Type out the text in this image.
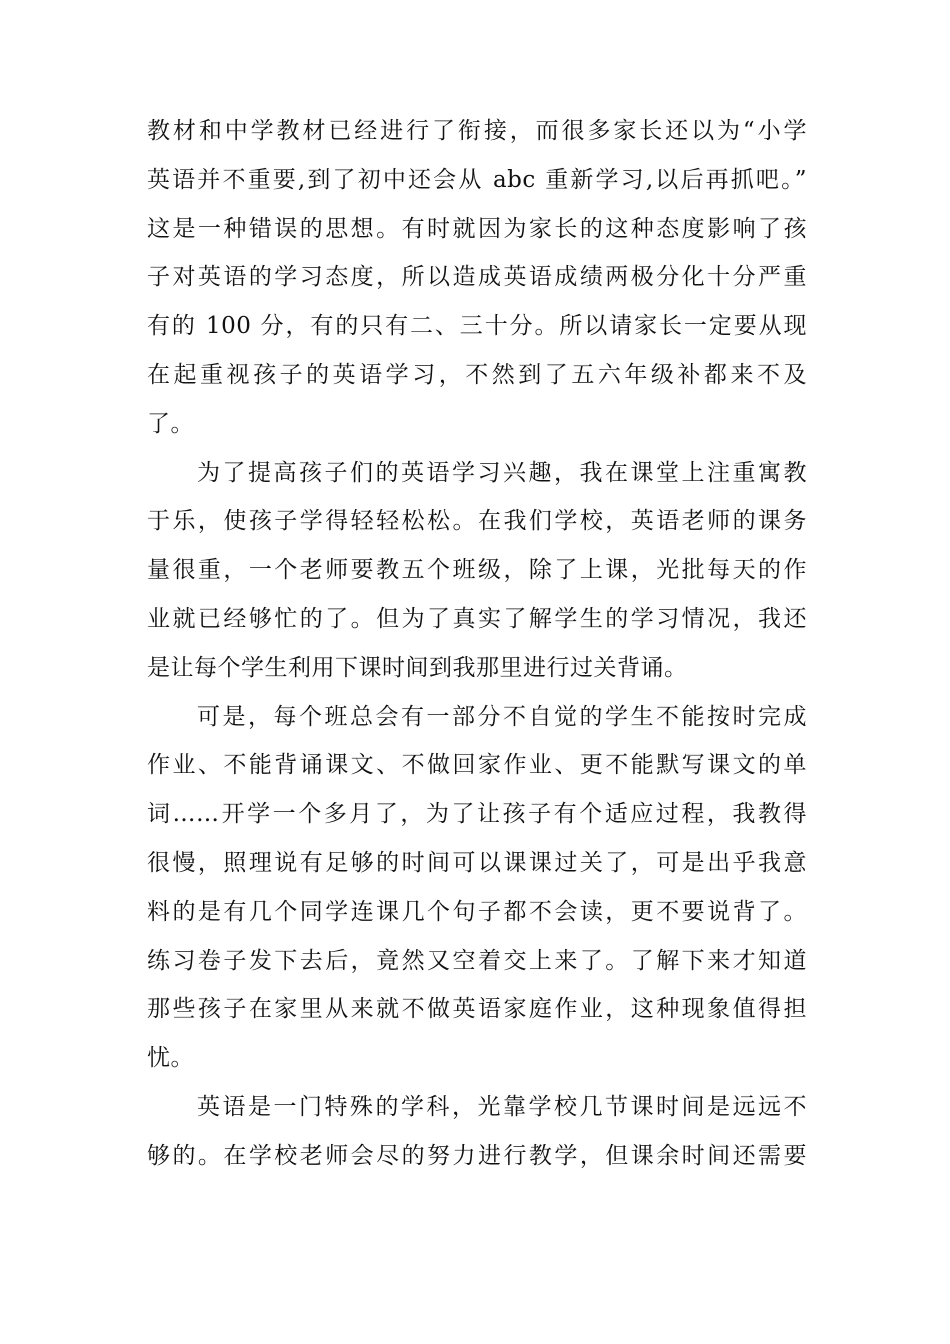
教材和中学教材已经进行了衔接，而很多家长还以为“小学
英语并不重要,到了初中还会从 abc 重新学习,以后再抓吧。”
这是一种错误的思想。有时就因为家长的这种态度影响了孩
子对英语的学习态度，所以造成英语成绩两极分化十分严重
有的 100 分，有的只有二、三十分。所以请家长一定要从现
在起重视孩子的英语学习，不然到了五六年级补都来不及
了。
为了提高孩子们的英语学习兴趣，我在课堂上注重寓教
于乐，使孩子学得轻轻松松。在我们学校，英语老师的课务
量很重，一个老师要教五个班级，除了上课，光批每天的作
业就已经够忙的了。但为了真实了解学生的学习情况，我还
是让每个学生利用下课时间到我那里进行过关背诵。
可是，每个班总会有一部分不自觉的学生不能按时完成
作业、不能背诵课文、不做回家作业、更不能默写课文的单
词……开学一个多月了，为了让孩子有个适应过程，我教得
很慢，照理说有足够的时间可以课课过关了，可是出乎我意
料的是有几个同学连课几个句子都不会读，更不要说背了。
练习卷子发下去后，竟然又空着交上来了。了解下来才知道
那些孩子在家里从来就不做英语家庭作业，这种现象值得担
忧。
英语是一门特殊的学科，光靠学校几节课时间是远远不
够的。在学校老师会尽的努力进行教学，但课余时间还需要
